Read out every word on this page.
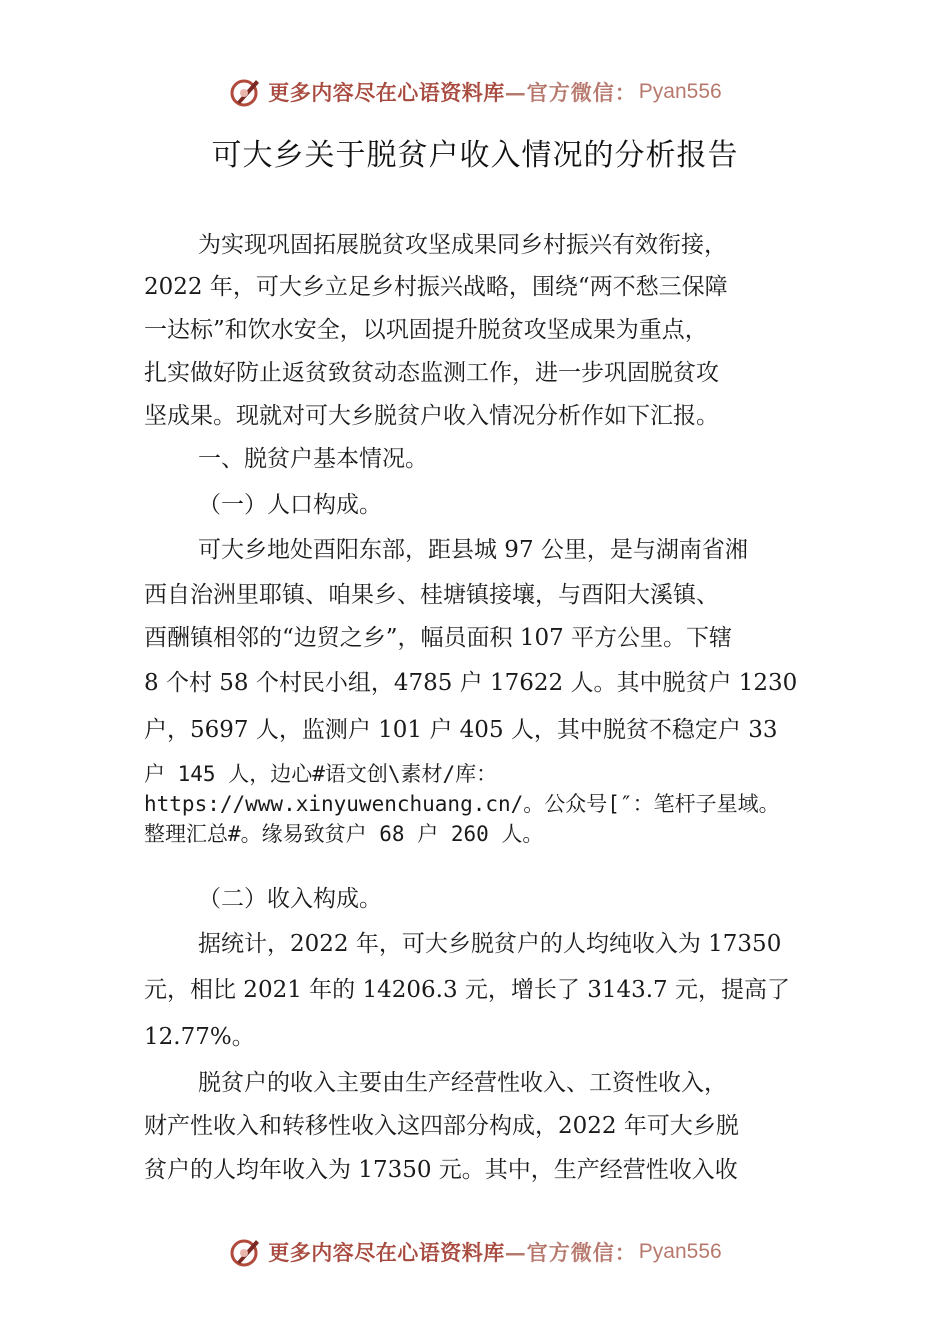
更多内容尽在心语资料库 — 官方微信： Pyan556
可大乡关于脱贫户收入情况的分析报告
为实现巩固拓展脱贫攻坚成果同乡村振兴有效衔接，
2022 年，可大乡立足乡村振兴战略，围绕“两不愁三保障
一达标”和饮水安全，以巩固提升脱贫攻坚成果为重点，
扎实做好防止返贫致贫动态监测工作，进一步巩固脱贫攻
坚成果。现就对可大乡脱贫户收入情况分析作如下汇报。
一、脱贫户基本情况。
（一）人口构成。
可大乡地处酉阳东部，距县城 97 公里，是与湖南省湘
西自治洲里耶镇、咱果乡、桂塘镇接壤，与酉阳大溪镇、
酉酬镇相邻的“边贸之乡”，幅员面积 107 平方公里。下辖
8 个村 58 个村民小组，4785 户 17622 人。其中脱贫户 1230
户，5697 人，监测户 101 户 405 人，其中脱贫不稳定户 33
户 145 人，边心#语文创\素材/库：
https://www.xinyuwenchuang.cn/。公众号[″：笔杆子星域。
整理汇总#。缘易致贫户 68 户 260 人。
（二）收入构成。
据统计，2022 年，可大乡脱贫户的人均纯收入为 17350
元，相比 2021 年的 14206.3 元，增长了 3143.7 元，提高了
12.77%。
脱贫户的收入主要由生产经营性收入、工资性收入，
财产性收入和转移性收入这四部分构成，2022 年可大乡脱
贫户的人均年收入为 17350 元。其中，生产经营性收入收
更多内容尽在心语资料库 — 官方微信： Pyan556
